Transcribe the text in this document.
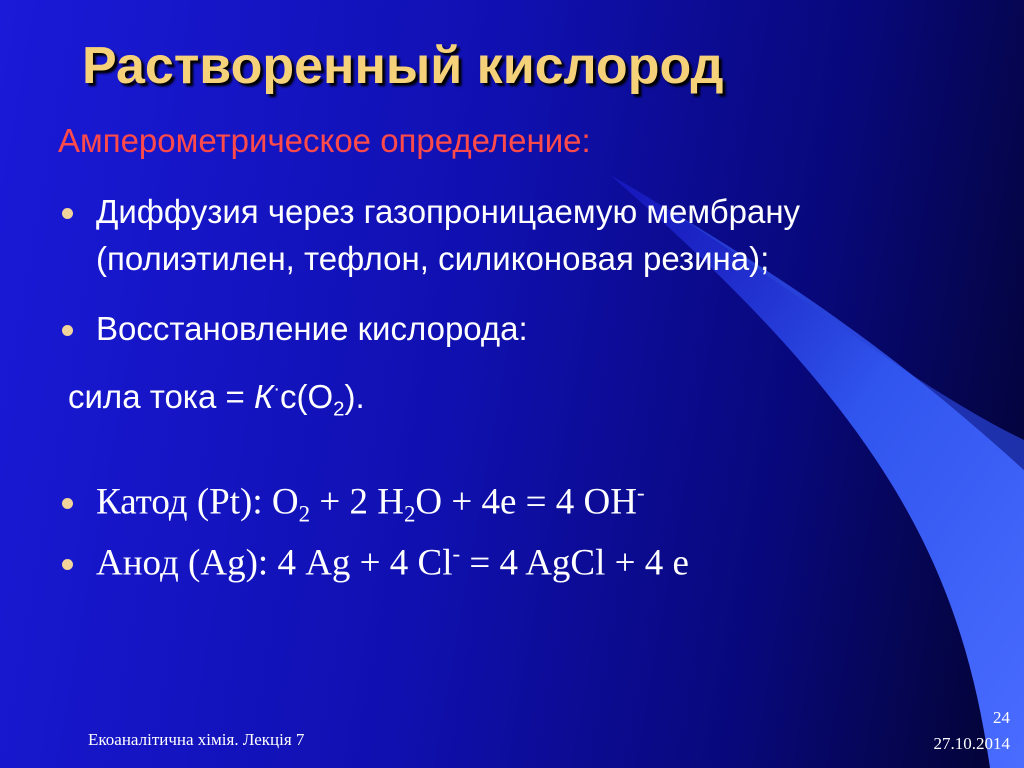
Растворенный кислород
Амперометрическое определение:
Диффузия через газопроницаемую мембрану
(полиэтилен, тефлон, силиконовая резина);
Восстановление кислорода:
сила тока = $К^\cdot с(О_2)$.
Катод (Pt): $O_2 + 2$ $H_2O + 4e = 4$ OH-
Анод (Ag): 4 Ag + 4 Cl- = 4 AgCl + 4 e
Екоаналітична хімія. Лекція 7
24
27.10.2014
